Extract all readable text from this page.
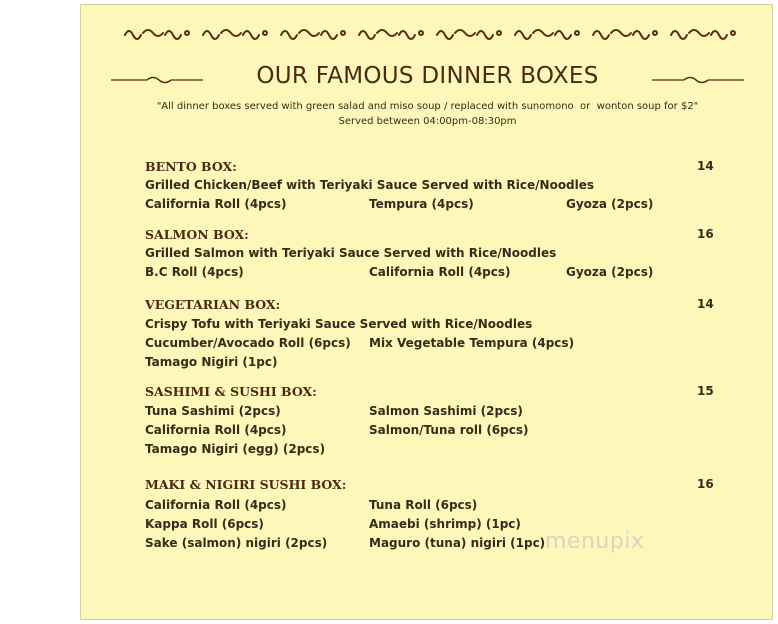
OUR FAMOUS DINNER BOXES
"All dinner boxes served with green salad and miso soup / replaced with sunomono or wonton soup for $2"
Served between 04:00pm-08:30pm
BENTO BOX:	14
Grilled Chicken/Beef with Teriyaki Sauce Served with Rice/Noodles
California Roll (4pcs)	Tempura (4pcs)	Gyoza (2pcs)
SALMON BOX:	16
Grilled Salmon with Teriyaki Sauce Served with Rice/Noodles
B.C Roll (4pcs)	California Roll (4pcs)	Gyoza (2pcs)
VEGETARIAN BOX:	14
Crispy Tofu with Teriyaki Sauce Served with Rice/Noodles
Cucumber/Avocado Roll (6pcs) Mix Vegetable Tempura (4pcs)
Tamago Nigiri (1pc)
SASHIMI & SUSHI BOX:	15
Tuna Sashimi (2pcs)	Salmon Sashimi (2pcs)
California Roll (4pcs)	Salmon/Tuna roll (6pcs)
Tamago Nigiri (egg) (2pcs)
MAKI & NIGIRI SUSHI BOX:	16
California Roll (4pcs)	Tuna Roll (6pcs)
Kappa Roll (6pcs)	Amaebi (shrimp) (1pc)
Sake (salmon) nigiri (2pcs)	Maguro (tuna) nigiri (1pc) menupix
